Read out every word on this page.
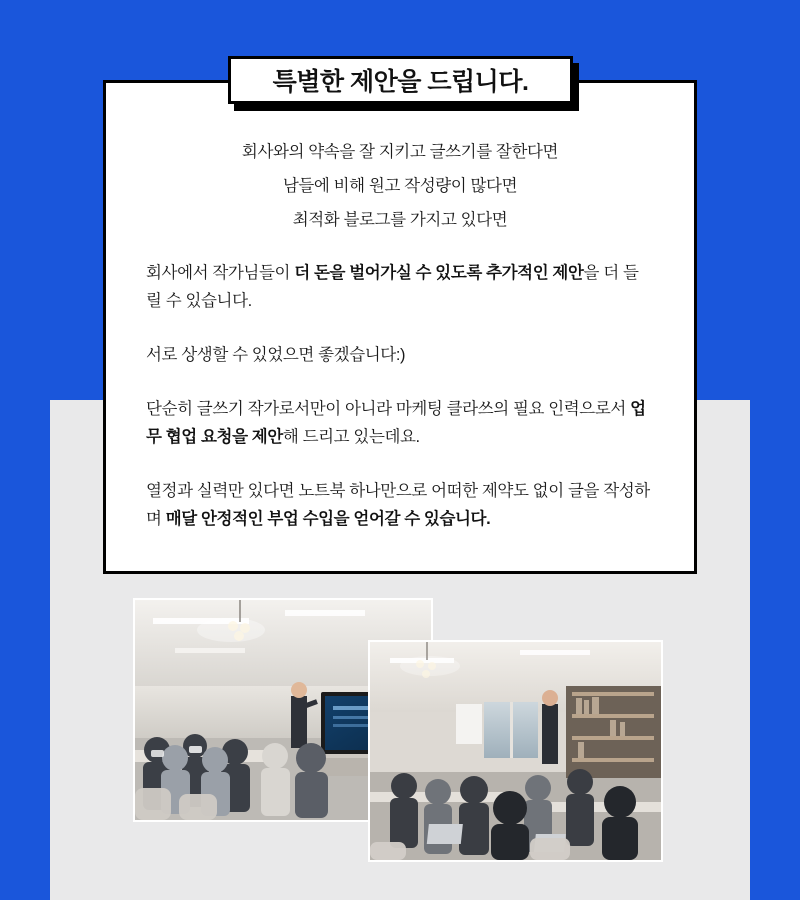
회사와의 약속을 잘 지키고 글쓰기를 잘한다면
남들에 비해 원고 작성량이 많다면
최적화 블로그를 가지고 있다면

회사에서 작가님들이 더 돈을 벌어가실 수 있도록 추가적인 제안을 더 들릴 수 있습니다.

서로 상생할 수 있었으면 좋겠습니다:)

단순히 글쓰기 작가로서만이 아니라 마케팅 클라쓰의 필요 인력으로서 업무 협업 요청을 제안해 드리고 있는데요.

열정과 실력만 있다면 노트북 하나만으로 어떠한 제약도 없이 글을 작성하며 매달 안정적인 부업 수입을 얻어갈 수 있습니다.

특별한 제안을 드립니다.
